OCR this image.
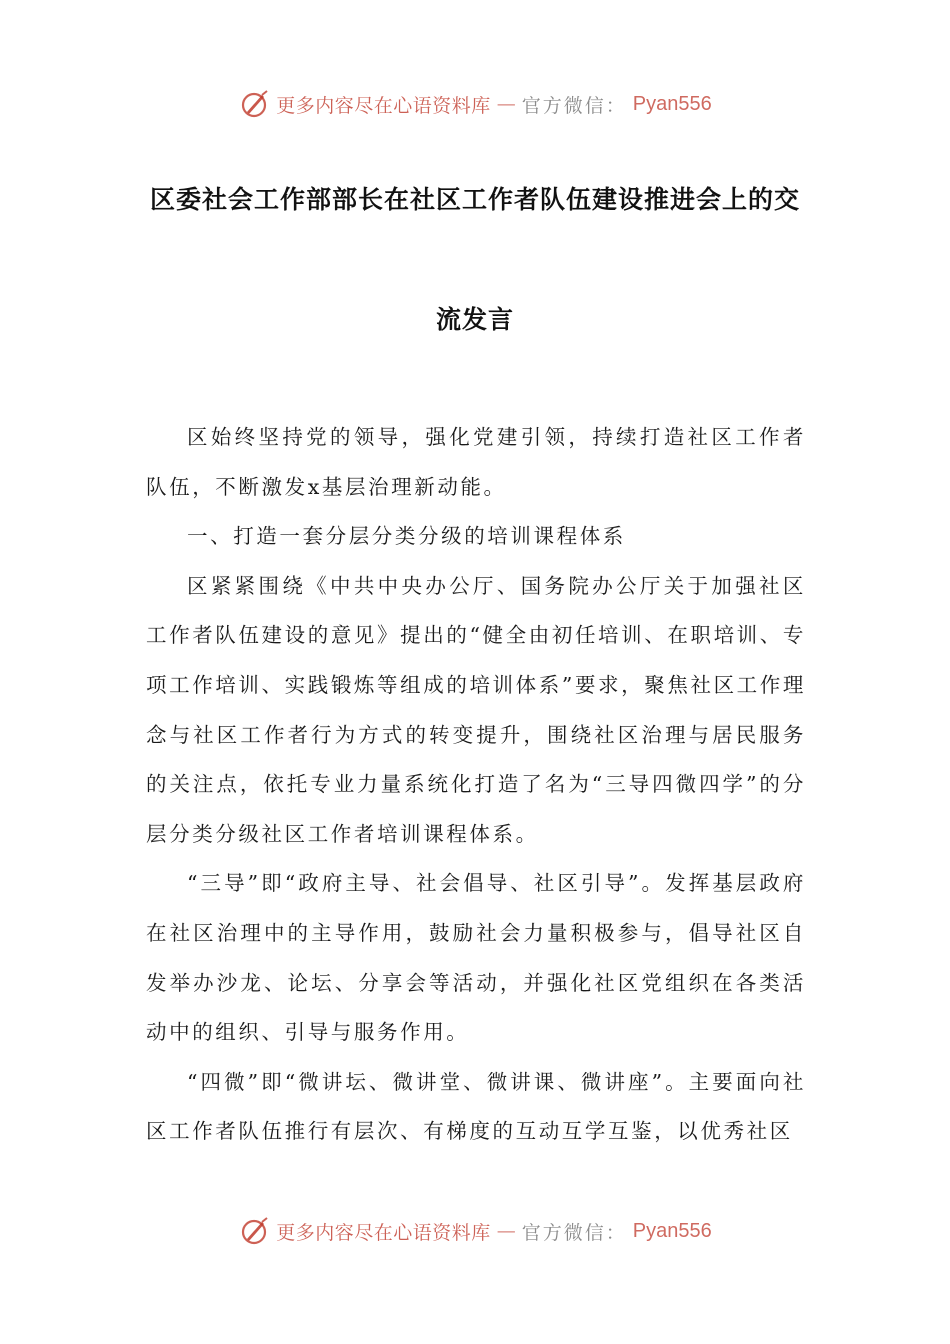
更多内容尽在心语资料库 — 官方微信： Pyan556
区委社会工作部部长在社区工作者队伍建设推进会上的交
流发言

区始终坚持党的领导，强化党建引领，持续打造社区工作者队伍，不断激发x基层治理新动能。

一、打造一套分层分类分级的培训课程体系

区紧紧围绕《中共中央办公厅、国务院办公厅关于加强社区工作者队伍建设的意见》提出的“健全由初任培训、在职培训、专项工作培训、实践锻炼等组成的培训体系”要求，聚焦社区工作理念与社区工作者行为方式的转变提升，围绕社区治理与居民服务的关注点，依托专业力量系统化打造了名为“三导四微四学”的分层分类分级社区工作者培训课程体系。

“三导”即“政府主导、社会倡导、社区引导”。发挥基层政府在社区治理中的主导作用，鼓励社会力量积极参与，倡导社区自发举办沙龙、论坛、分享会等活动，并强化社区党组织在各类活动中的组织、引导与服务作用。

“四微”即“微讲坛、微讲堂、微讲课、微讲座”。主要面向社区工作者队伍推行有层次、有梯度的互动互学互鉴，以优秀社区

更多内容尽在心语资料库 — 官方微信： Pyan556
